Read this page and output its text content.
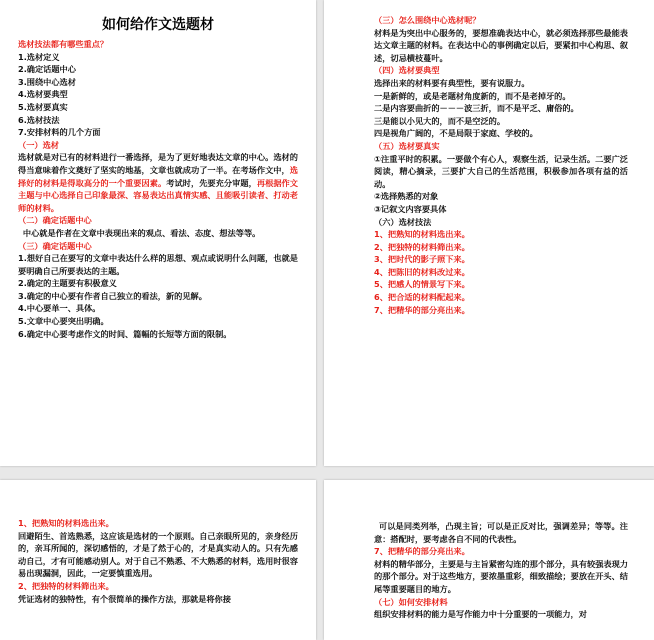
如何给作文选题材

选材技法都有哪些重点？

1.选材定义

2.确定话题中心

3.围绕中心选材

4.选材要典型

5.选材要真实

6.选材技法

7.安排材料的几个方面

（一）选材

选材就是对已有的材料进行一番选择，是为了更好地表达文章的中心。选材的得当意味着作文奠好了坚实的地基，文章也就成功了一半。在考场作文中，选择好的材料是得取高分的一个重要因素。考试时，先要充分审题，再根据作文主题与中心选择自己印象最深、容易表达出真情实感、且能吸引读者、打动老师的材料。

（二）确定话题中心

中心就是作者在文章中表现出来的观点、看法、态度、想法等等。

（三）确定话题中心

1.想好自己在要写的文章中表达什么样的思想、观点或说明什么问题，也就是要明确自己所要表达的主题。

2.确定的主题要有积极意义

3.确定的中心要有作者自己独立的看法，新的见解。

4.中心要单一、具体。

5.文章中心要突出明确。

6.确定中心要考虑作文的时间、篇幅的长短等方面的限制。

（三）怎么围绕中心选材呢？

材料是为突出中心服务的，要想准确表达中心，就必须选择那些最能表达文章主题的材料。在表达中心的事例确定以后，要紧扣中心构思、叙述，切忌横枝蔓叶。

（四）选材要典型

选择出来的材料要有典型性，要有说服力。

一是新鲜的，或是老题材角度新的，而不是老掉牙的。

二是内容要曲折的－－－波三折，而不是平乏、庸俗的。

三是能以小见大的，而不是空泛的。

四是视角广阔的，不是局限于家庭、学校的。

（五）选材要真实

①注重平时的积累。一要做个有心人，观察生活，记录生活。二要广泛阅读，精心摘录，三要扩大自己的生活范围，积极参加各项有益的活动。

②选择熟悉的对象

③记叙文内容要具体

（六）选材技法

1、把熟知的材料选出来。

2、把独特的材料筛出来。

3、把时代的影子照下来。

4、把陈旧的材料改过来。

5、把感人的情景写下来。

6、把合适的材料配起来。

7、把精华的部分亮出来。

1、把熟知的材料选出来。

回避陌生、首选熟悉，这应该是选材的一个原则。自己亲眼所见的，亲身经历的，亲耳所闻的，深切感悟的，才是了然于心的，才是真实动人的。只有先感动自己，才有可能感动别人。对于自己不熟悉、不大熟悉的材料，选用时很容易出现漏洞，因此，一定要慎重选用。

2、把独特的材料筛出来。

凭证选材的独特性，有个很简单的操作方法，那就是将你接

可以是同类列举，凸现主旨；可以是正反对比，强调差异；等等。注意：搭配时，要考虑各自不同的代表性。

7、把精华的部分亮出来。

材料的精华部分，主要是与主旨紧密勾连的那个部分，具有较强表现力的那个部分。对于这些地方，要浓墨重彩，细致描绘；要放在开头、结尾等重要题目的地方。

（七）如何安排材料

组织安排材料的能力是写作能力中十分重要的一项能力，对
